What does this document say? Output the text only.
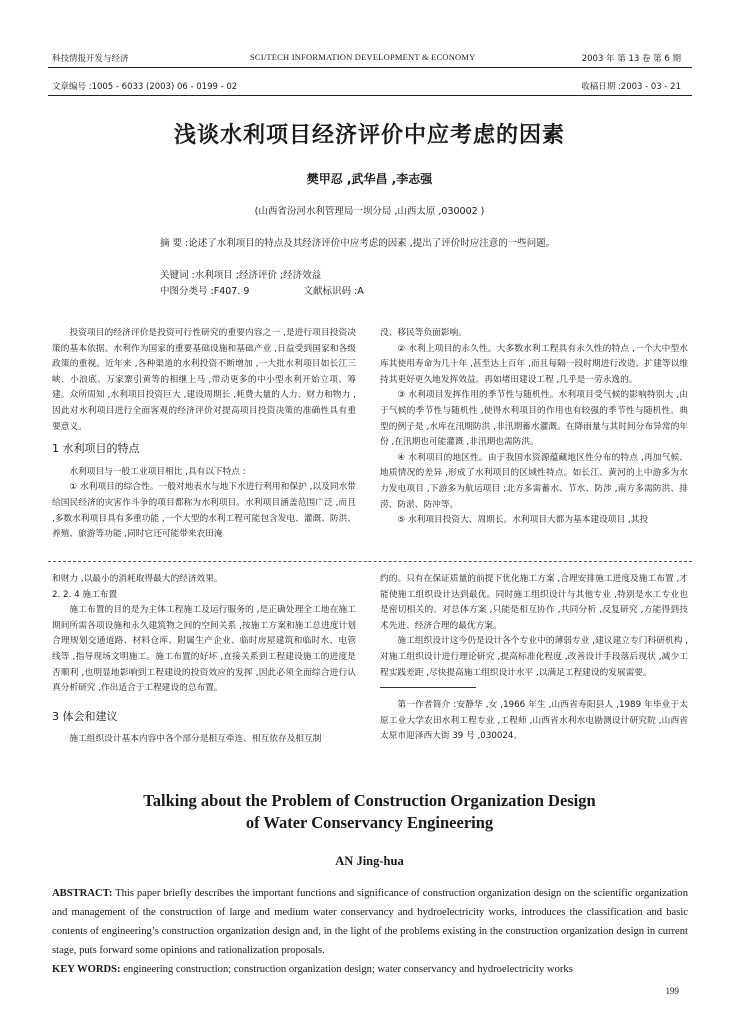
科技情报开发与经济	SCI/TECH INFORMATION DEVELOPMENT & ECONOMY	2003 年 第 13 卷 第 6 期
文章编号 :1005 - 6033 (2003) 06 - 0199 - 02	收稿日期 :2003 - 03 - 21
浅谈水利项目经济评价中应考虑的因素
樊甲忍 ,武华昌 ,李志强
(山西省汾河水利管理局一坝分局 ,山西太原 ,030002 )
摘 要 :论述了水利项目的特点及其经济评价中应考虑的因素 ,提出了评价时应注意的一些问题。
关键词 :水利项目 ;经济评价 ;经济效益
中图分类号 :F407. 9	文献标识码 :A

投资项目的经济评价是投资可行性研究的重要内容之一 ,是进行项目投资决策的基本依据。水利作为国家的重要基础设施和基础产业 ,日益受到国家和各级政策的重视。近年来 ,各种渠道的水利投资不断增加 ,一大批水利项目如长江三峡、小浪底、万家寨引黄等的相继上马 ,带动更多的中小型水利开始立项、筹建。众所周知 ,水利项目投资巨大 ,建设周期长 ,耗费大量的人力、财力和物力 ,因此对水利项目进行全面客观的经济评价对提高项目投资决策的准确性具有重要意义。

1 水利项目的特点

水利项目与一般工业项目相比 ,具有以下特点 :

① 水利项目的综合性。一般对地表水与地下水进行利用和保护 ,以及同水带给国民经济的灾害作斗争的项目都称为水利项目。水利项目涵盖范围广泛 ,而且 ,多数水利项目具有多重功能 ,一个大型的水利工程可能包含发电、灌溉、防洪、养殖、旅游等功能 ,同时它还可能带来农田淹

没、移民等负面影响。

② 水利上项目的永久性。大多数水利工程具有永久性的特点 ,一个大中型水库其使用寿命为几十年 ,甚至达上百年 ,而且每隔一段时期进行改造、扩建等以维持其更好更久地发挥效益。再如堵田建设工程 ,几乎是一劳永逸的。

③ 水利项目发挥作用的季节性与随机性。水利项目受气候的影响特别大 ,由于气候的季节性与随机性 ,使得水利项目的作用也有较强的季节性与随机性。典型的例子是 ,水库在汛期防洪 ,非汛期蓄水灌溉。在降雨量与其时间分布异常的年份 ,在汛期也可能灌溉 ,非汛期也需防洪。

④ 水利项目的地区性。由于我国水资源蕴藏地区性分布的特点 ,再加气候、地质情况的差异 ,形成了水利项目的区域性特点。如长江、黄河的上中游多为水力发电项目 ,下游多为航运项目 ;北方多需蓄水、节水、防涉 ,南方多需防洪、排涝、防淤、防冲等。

⑤ 水利项目投资大、周期长。水利项目大都为基本建设项目 ,其投

和财力 ,以最小的消耗取得最大的经济效果。

2. 2. 4 施工布置

施工布置的目的是为主体工程施工及运行服务的 ,是正确处理全工地在施工期间所需各项设施和永久建筑物之间的空间关系 ,按施工方案和施工总进度计划合理规划交通道路、材料仓库、附属生产企业、临时房屋建筑和临时水、电管线等 ,指导现场文明施工。施工布置的好坏 ,直接关系到工程建设施工的进度是否顺利 ,也明显地影响到工程建设的投资效应的发挥 ,因此必须全面综合进行认真分析研究 ,作出适合于工程建设的总布置。

3 体会和建议

施工组织设计基本内容中各个部分是相互牵连、相互依存及相互制

约的。只有在保证质量的前提下优化施工方案 ,合理安排施工进度及施工布置 ,才能使施工组织设计达到最优。同时施工组织设计与其他专业 ,特别是水工专业也是密切相关的。对总体方案 ,只能是相互协作 ,共同分析 ,反复研究 ,方能得到技术先进、经济合理的最优方案。

施工组织设计这今仍是设计各个专业中的薄弱专业 ,建议建立专门科研机构 ,对施工组织设计进行理论研究 ,提高标准化程度 ,改善设计手段落后现状 ,减少工程实践差距 ,尽快提高施工组织设计水平 ,以满足工程建设的发展需要。

第一作者简介 :安静华 ,女 ,1966 年生 ,山西省寿阳县人 ,1989 年毕业于太原工业大学农田水利工程专业 ,工程师 ,山西省水利水电勘测设计研究院 ,山西省太原市迎泽西大街 39 号 ,030024。

Talking about the Problem of Construction Organization Design
of Water Conservancy Engineering
AN Jing-hua
ABSTRACT: This paper briefly describes the important functions and significance of construction organization design on the scientific organization and management of the construction of large and medium water conservancy and hydroelectricity works, introduces the classification and basic contents of engineering’s construction organization design and, in the light of the problems existing in the construction organization design in current stage, puts forward some opinions and rationalization proposals.
KEY WORDS: engineering construction; construction organization design; water conservancy and hydroelectricity works
199
